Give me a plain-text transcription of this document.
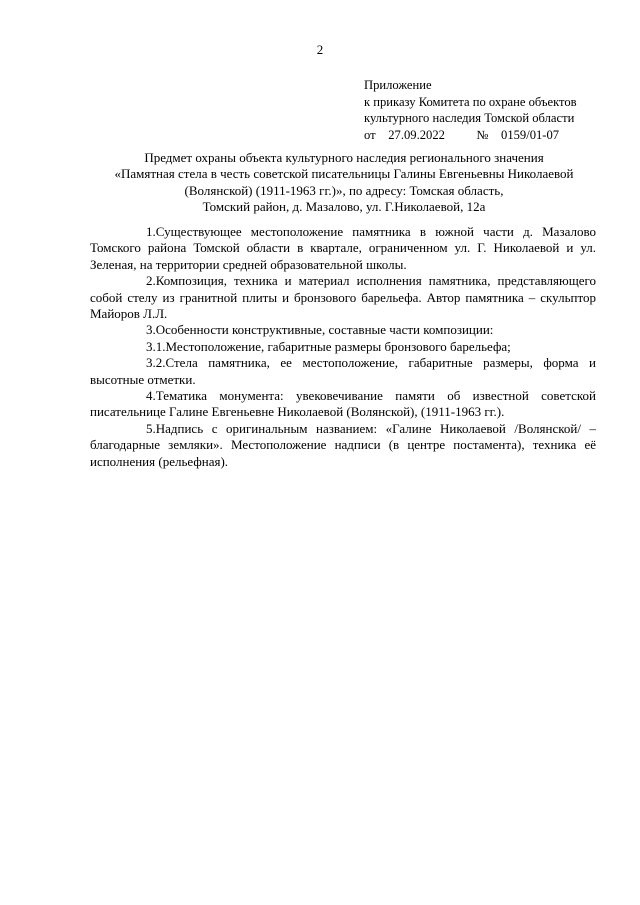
2
Приложение
к приказу Комитета по охране объектов
культурного наследия Томской области
от 27.09.2022 № 0159/01-07
Предмет охраны объекта культурного наследия регионального значения
«Памятная стела в честь советской писательницы Галины Евгеньевны Николаевой
(Волянской) (1911-1963 гг.)», по адресу: Томская область,
Томский район, д. Мазалово, ул. Г.Николаевой, 12а

1.Существующее местоположение памятника в южной части д. Мазалово Томского района Томской области в квартале, ограниченном ул. Г. Николаевой и ул. Зеленая, на территории средней образовательной школы.

2.Композиция, техника и материал исполнения памятника, представляющего собой стелу из гранитной плиты и бронзового барельефа. Автор памятника – скульптор Майоров Л.Л.

3.Особенности конструктивные, составные части композиции:

3.1.Местоположение, габаритные размеры бронзового барельефа;

3.2.Стела памятника, ее местоположение, габаритные размеры, форма и высотные отметки.

4.Тематика монумента: увековечивание памяти об известной советской писательнице Галине Евгеньевне Николаевой (Волянской), (1911-1963 гг.).

5.Надпись с оригинальным названием: «Галине Николаевой /Волянской/ – благодарные земляки». Местоположение надписи (в центре постамента), техника её исполнения (рельефная).
